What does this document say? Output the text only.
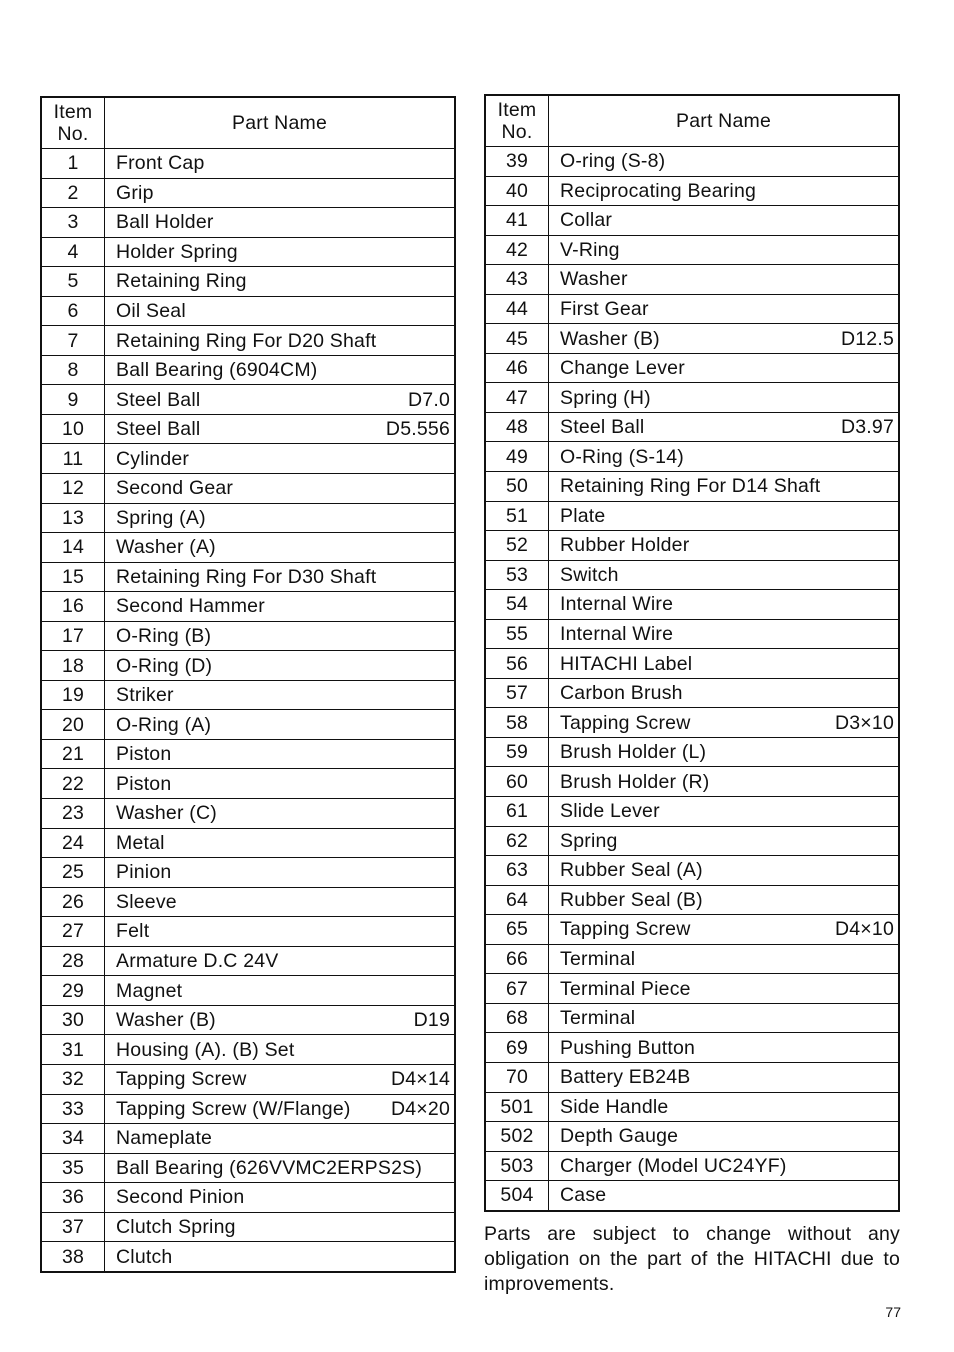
Item
No.	Part Name
1	Front Cap

2	Grip

3	Ball Holder

4	Holder Spring

5	Retaining Ring

6	Oil Seal

7	Retaining Ring For D20 Shaft

8	Ball Bearing (6904CM)

9	Steel Ball D7.0

10	Steel Ball D5.556

11	Cylinder

12	Second Gear

13	Spring (A)

14	Washer (A)

15	Retaining Ring For D30 Shaft

16	Second Hammer

17	O-Ring (B)

18	O-Ring (D)

19	Striker

20	O-Ring (A)

21	Piston

22	Piston

23	Washer (C)

24	Metal

25	Pinion

26	Sleeve

27	Felt

28	Armature D.C 24V

29	Magnet

30	Washer (B) D19

31	Housing (A). (B) Set

32	Tapping Screw D4×14

33	Tapping Screw (W/Flange) D4×20

34	Nameplate

35	Ball Bearing (626VVMC2ERPS2S)

36	Second Pinion

37	Clutch Spring

38	Clutch
Item
No.	Part Name
39	O-ring (S-8)

40	Reciprocating Bearing

41	Collar

42	V-Ring

43	Washer

44	First Gear

45	Washer (B) D12.5

46	Change Lever

47	Spring (H)

48	Steel Ball D3.97

49	O-Ring (S-14)

50	Retaining Ring For D14 Shaft

51	Plate

52	Rubber Holder

53	Switch

54	Internal Wire

55	Internal Wire

56	HITACHI Label

57	Carbon Brush

58	Tapping Screw D3×10

59	Brush Holder (L)

60	Brush Holder (R)

61	Slide Lever

62	Spring

63	Rubber Seal (A)

64	Rubber Seal (B)

65	Tapping Screw D4×10

66	Terminal

67	Terminal Piece

68	Terminal

69	Pushing Button

70	Battery EB24B

501	Side Handle

502	Depth Gauge

503	Charger (Model UC24YF)

504	Case
Parts are subject to change without any obligation on the part of the HITACHI due to improvements.
77
